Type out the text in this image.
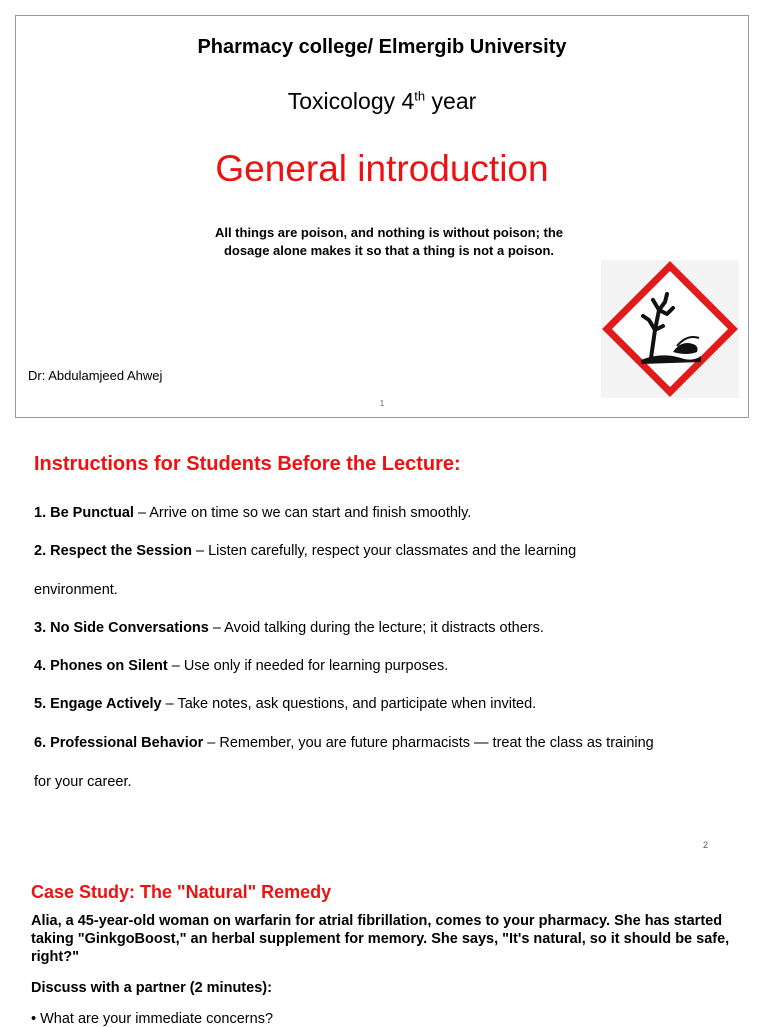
Pharmacy college/ Elmergib University
Toxicology 4th year
General introduction
All things are poison, and nothing is without poison; the dosage alone makes it so that a thing is not a poison.
Dr: Abdulamjeed Ahwej
1
Instructions for Students Before the Lecture:
1. Be Punctual – Arrive on time so we can start and finish smoothly.
2. Respect the Session – Listen carefully, respect your classmates and the learning
environment.
3. No Side Conversations – Avoid talking during the lecture; it distracts others.
4. Phones on Silent – Use only if needed for learning purposes.
5. Engage Actively – Take notes, ask questions, and participate when invited.
6. Professional Behavior – Remember, you are future pharmacists — treat the class as training
for your career.
2
Case Study: The "Natural" Remedy
Alia, a 45-year-old woman on warfarin for atrial fibrillation, comes to your pharmacy. She has started taking "GinkgoBoost," an herbal supplement for memory. She says, "It's natural, so it should be safe, right?"
Discuss with a partner (2 minutes):
• What are your immediate concerns?
